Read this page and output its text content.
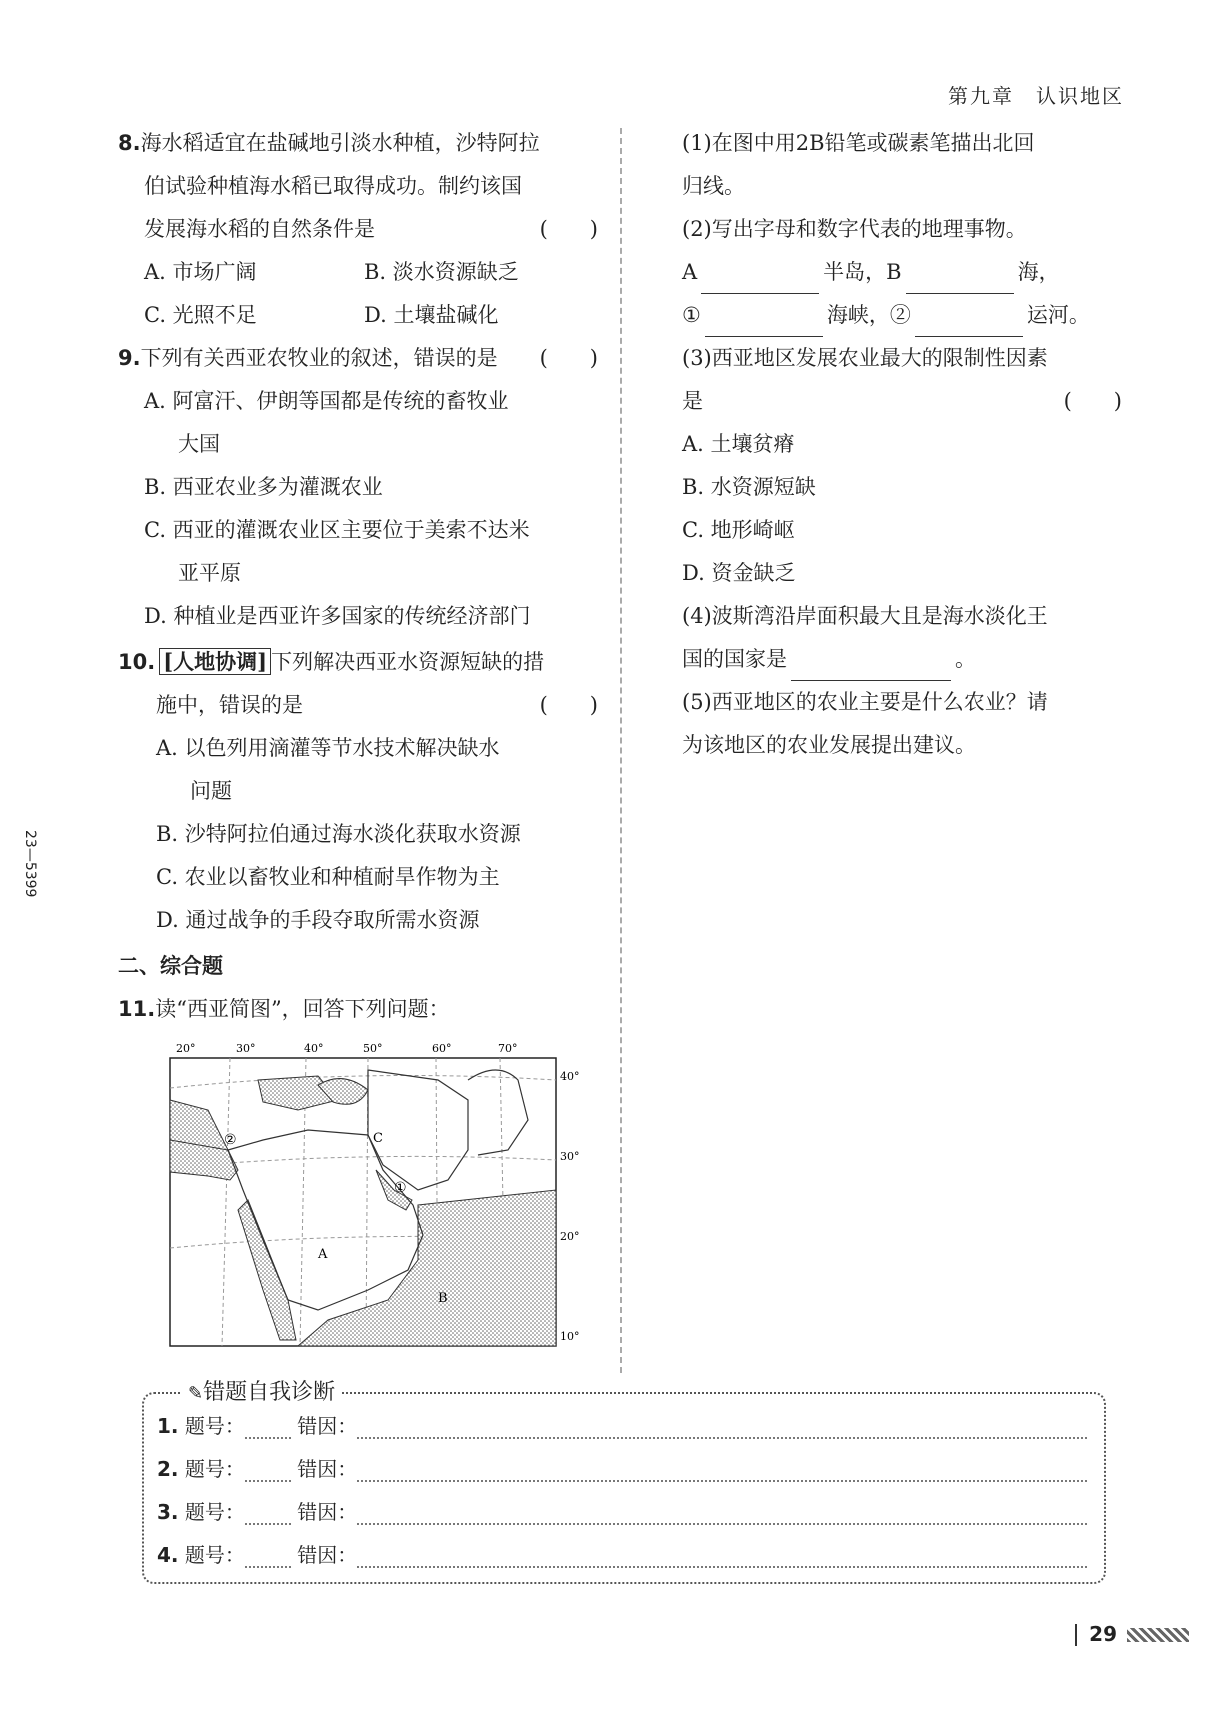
第九章　认识地区
23—5399
8.海水稻适宜在盐碱地引淡水种植，沙特阿拉
伯试验种植海水稻已取得成功。制约该国
发展海水稻的自然条件是	(　　)
A. 市场广阔	B. 淡水资源缺乏
C. 光照不足	D. 土壤盐碱化
9.下列有关西亚农牧业的叙述，错误的是 (　　)
A. 阿富汗、伊朗等国都是传统的畜牧业
大国
B. 西亚农业多为灌溉农业
C. 西亚的灌溉农业区主要位于美索不达米
亚平原
D. 种植业是西亚许多国家的传统经济部门
10. [人地协调] 下列解决西亚水资源短缺的措
施中，错误的是	(　　)
A. 以色列用滴灌等节水技术解决缺水
问题
B. 沙特阿拉伯通过海水淡化获取水资源
C. 农业以畜牧业和种植耐旱作物为主
D. 通过战争的手段夺取所需水资源
二、综合题
11.读“西亚简图”，回答下列问题：
20°	30°	40°	50°	60°	70°
40°
30°
20°
10°
C
A
B
①
②
(1)在图中用2B铅笔或碳素笔描出北回
归线。
(2)写出字母和数字代表的地理事物。
A	半岛，B	海，
①	海峡，②	运河。
(3)西亚地区发展农业最大的限制性因素
是	(　　)
A. 土壤贫瘠
B. 水资源短缺
C. 地形崎岖
D. 资金缺乏
(4)波斯湾沿岸面积最大且是海水淡化王
国的国家是	。
(5)西亚地区的农业主要是什么农业？请
为该地区的农业发展提出建议。
✎错题自我诊断
1. 题号：	错因：
2. 题号：	错因：
3. 题号：	错因：
4. 题号：	错因：
29
